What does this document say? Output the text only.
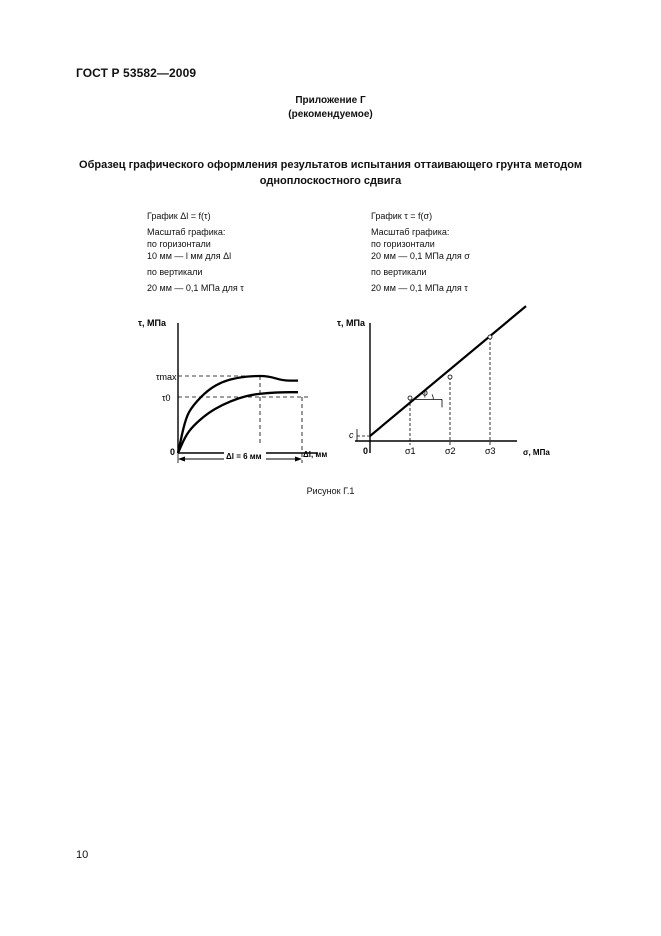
ГОСТ Р 53582—2009
Приложение Г
(рекомендуемое)
Образец графического оформления результатов испытания оттаивающего грунта методом
одноплоскостного сдвига
График Δl = f(τ)
Масштаб графика:
по горизонтали
10 мм — l мм для Δl
по вертикали
20 мм — 0,1 МПа для τ
График τ = f(σ)
Масштаб графика:
по горизонтали
20 мм — 0,1 МПа для σ
по вертикали
20 мм — 0,1 МПа для τ
τ, МПа
0	Δl, мм
τmax
τ0
Δl = 6 мм
τ, МПа
0	σ, МПа
c
φ
σ1	σ2	σ3
Рисунок Г.1
10
